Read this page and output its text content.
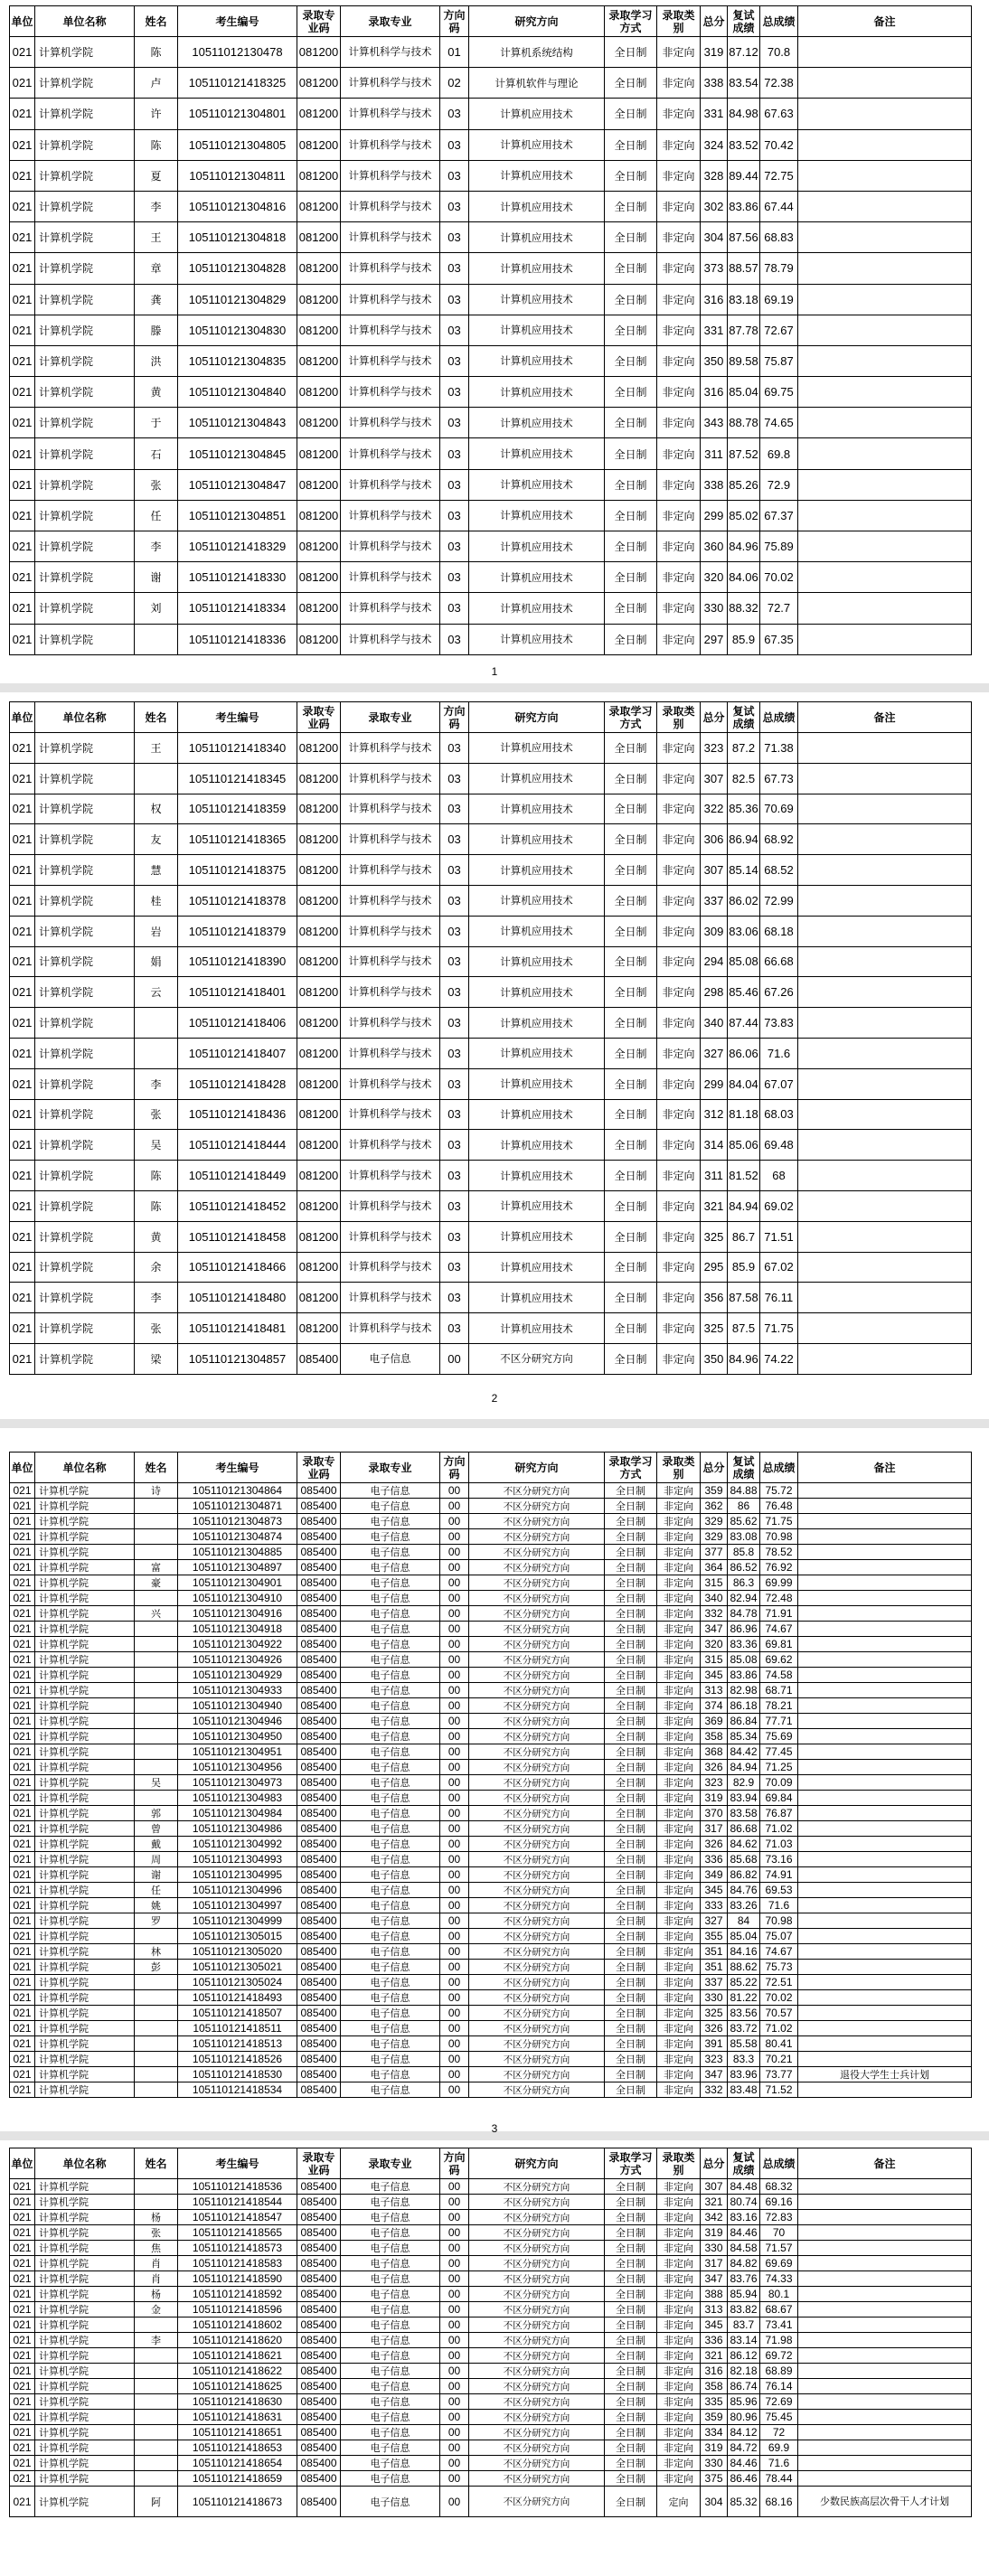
单位	单位名称	姓名	考生编号	录取专业码	录取专业	方向码	研究方向	录取学习方式	录取类别	总分	复试成绩	总成绩	备注
021	计算机学院	陈	10511012130478	081200	计算机科学与技术	01	计算机系统结构	全日制	非定向	319	87.12	70.8	
021	计算机学院	卢	105110121418325	081200	计算机科学与技术	02	计算机软件与理论	全日制	非定向	338	83.54	72.38	
021	计算机学院	许	105110121304801	081200	计算机科学与技术	03	计算机应用技术	全日制	非定向	331	84.98	67.63	
021	计算机学院	陈	105110121304805	081200	计算机科学与技术	03	计算机应用技术	全日制	非定向	324	83.52	70.42	
021	计算机学院	夏	105110121304811	081200	计算机科学与技术	03	计算机应用技术	全日制	非定向	328	89.44	72.75	
021	计算机学院	李	105110121304816	081200	计算机科学与技术	03	计算机应用技术	全日制	非定向	302	83.86	67.44	
021	计算机学院	王	105110121304818	081200	计算机科学与技术	03	计算机应用技术	全日制	非定向	304	87.56	68.83	
021	计算机学院	章	105110121304828	081200	计算机科学与技术	03	计算机应用技术	全日制	非定向	373	88.57	78.79	
021	计算机学院	龚	105110121304829	081200	计算机科学与技术	03	计算机应用技术	全日制	非定向	316	83.18	69.19	
021	计算机学院	滕	105110121304830	081200	计算机科学与技术	03	计算机应用技术	全日制	非定向	331	87.78	72.67	
021	计算机学院	洪	105110121304835	081200	计算机科学与技术	03	计算机应用技术	全日制	非定向	350	89.58	75.87	
021	计算机学院	黄	105110121304840	081200	计算机科学与技术	03	计算机应用技术	全日制	非定向	316	85.04	69.75	
021	计算机学院	于	105110121304843	081200	计算机科学与技术	03	计算机应用技术	全日制	非定向	343	88.78	74.65	
021	计算机学院	石	105110121304845	081200	计算机科学与技术	03	计算机应用技术	全日制	非定向	311	87.52	69.8	
021	计算机学院	张	105110121304847	081200	计算机科学与技术	03	计算机应用技术	全日制	非定向	338	85.26	72.9	
021	计算机学院	任	105110121304851	081200	计算机科学与技术	03	计算机应用技术	全日制	非定向	299	85.02	67.37	
021	计算机学院	李	105110121418329	081200	计算机科学与技术	03	计算机应用技术	全日制	非定向	360	84.96	75.89	
021	计算机学院	谢	105110121418330	081200	计算机科学与技术	03	计算机应用技术	全日制	非定向	320	84.06	70.02	
021	计算机学院	刘	105110121418334	081200	计算机科学与技术	03	计算机应用技术	全日制	非定向	330	88.32	72.7	
021	计算机学院		105110121418336	081200	计算机科学与技术	03	计算机应用技术	全日制	非定向	297	85.9	67.35	
1
单位	单位名称	姓名	考生编号	录取专业码	录取专业	方向码	研究方向	录取学习方式	录取类别	总分	复试成绩	总成绩	备注
021	计算机学院	王	105110121418340	081200	计算机科学与技术	03	计算机应用技术	全日制	非定向	323	87.2	71.38	
021	计算机学院		105110121418345	081200	计算机科学与技术	03	计算机应用技术	全日制	非定向	307	82.5	67.73	
021	计算机学院	权	105110121418359	081200	计算机科学与技术	03	计算机应用技术	全日制	非定向	322	85.36	70.69	
021	计算机学院	友	105110121418365	081200	计算机科学与技术	03	计算机应用技术	全日制	非定向	306	86.94	68.92	
021	计算机学院	慧	105110121418375	081200	计算机科学与技术	03	计算机应用技术	全日制	非定向	307	85.14	68.52	
021	计算机学院	桂	105110121418378	081200	计算机科学与技术	03	计算机应用技术	全日制	非定向	337	86.02	72.99	
021	计算机学院	岩	105110121418379	081200	计算机科学与技术	03	计算机应用技术	全日制	非定向	309	83.06	68.18	
021	计算机学院	娟	105110121418390	081200	计算机科学与技术	03	计算机应用技术	全日制	非定向	294	85.08	66.68	
021	计算机学院	云	105110121418401	081200	计算机科学与技术	03	计算机应用技术	全日制	非定向	298	85.46	67.26	
021	计算机学院		105110121418406	081200	计算机科学与技术	03	计算机应用技术	全日制	非定向	340	87.44	73.83	
021	计算机学院		105110121418407	081200	计算机科学与技术	03	计算机应用技术	全日制	非定向	327	86.06	71.6	
021	计算机学院	李	105110121418428	081200	计算机科学与技术	03	计算机应用技术	全日制	非定向	299	84.04	67.07	
021	计算机学院	张	105110121418436	081200	计算机科学与技术	03	计算机应用技术	全日制	非定向	312	81.18	68.03	
021	计算机学院	吴	105110121418444	081200	计算机科学与技术	03	计算机应用技术	全日制	非定向	314	85.06	69.48	
021	计算机学院	陈	105110121418449	081200	计算机科学与技术	03	计算机应用技术	全日制	非定向	311	81.52	68	
021	计算机学院	陈	105110121418452	081200	计算机科学与技术	03	计算机应用技术	全日制	非定向	321	84.94	69.02	
021	计算机学院	黄	105110121418458	081200	计算机科学与技术	03	计算机应用技术	全日制	非定向	325	86.7	71.51	
021	计算机学院	余	105110121418466	081200	计算机科学与技术	03	计算机应用技术	全日制	非定向	295	85.9	67.02	
021	计算机学院	李	105110121418480	081200	计算机科学与技术	03	计算机应用技术	全日制	非定向	356	87.58	76.11	
021	计算机学院	张	105110121418481	081200	计算机科学与技术	03	计算机应用技术	全日制	非定向	325	87.5	71.75	
021	计算机学院	梁	105110121304857	085400	电子信息	00	不区分研究方向	全日制	非定向	350	84.96	74.22	
2
单位	单位名称	姓名	考生编号	录取专业码	录取专业	方向码	研究方向	录取学习方式	录取类别	总分	复试成绩	总成绩	备注
021	计算机学院	诗	105110121304864	085400	电子信息	00	不区分研究方向	全日制	非定向	359	84.88	75.72	
021	计算机学院		105110121304871	085400	电子信息	00	不区分研究方向	全日制	非定向	362	86	76.48	
021	计算机学院		105110121304873	085400	电子信息	00	不区分研究方向	全日制	非定向	329	85.62	71.75	
021	计算机学院		105110121304874	085400	电子信息	00	不区分研究方向	全日制	非定向	329	83.08	70.98	
021	计算机学院		105110121304885	085400	电子信息	00	不区分研究方向	全日制	非定向	377	85.8	78.52	
021	计算机学院	富	105110121304897	085400	电子信息	00	不区分研究方向	全日制	非定向	364	86.52	76.92	
021	计算机学院	豪	105110121304901	085400	电子信息	00	不区分研究方向	全日制	非定向	315	86.3	69.99	
021	计算机学院		105110121304910	085400	电子信息	00	不区分研究方向	全日制	非定向	340	82.94	72.48	
021	计算机学院	兴	105110121304916	085400	电子信息	00	不区分研究方向	全日制	非定向	332	84.78	71.91	
021	计算机学院		105110121304918	085400	电子信息	00	不区分研究方向	全日制	非定向	347	86.96	74.67	
021	计算机学院		105110121304922	085400	电子信息	00	不区分研究方向	全日制	非定向	320	83.36	69.81	
021	计算机学院		105110121304926	085400	电子信息	00	不区分研究方向	全日制	非定向	315	85.08	69.62	
021	计算机学院		105110121304929	085400	电子信息	00	不区分研究方向	全日制	非定向	345	83.86	74.58	
021	计算机学院		105110121304933	085400	电子信息	00	不区分研究方向	全日制	非定向	313	82.98	68.71	
021	计算机学院		105110121304940	085400	电子信息	00	不区分研究方向	全日制	非定向	374	86.18	78.21	
021	计算机学院		105110121304946	085400	电子信息	00	不区分研究方向	全日制	非定向	369	86.84	77.71	
021	计算机学院		105110121304950	085400	电子信息	00	不区分研究方向	全日制	非定向	358	85.34	75.69	
021	计算机学院		105110121304951	085400	电子信息	00	不区分研究方向	全日制	非定向	368	84.42	77.45	
021	计算机学院		105110121304956	085400	电子信息	00	不区分研究方向	全日制	非定向	326	84.94	71.25	
021	计算机学院	吴	105110121304973	085400	电子信息	00	不区分研究方向	全日制	非定向	323	82.9	70.09	
021	计算机学院		105110121304983	085400	电子信息	00	不区分研究方向	全日制	非定向	319	83.94	69.84	
021	计算机学院	郭	105110121304984	085400	电子信息	00	不区分研究方向	全日制	非定向	370	83.58	76.87	
021	计算机学院	曾	105110121304986	085400	电子信息	00	不区分研究方向	全日制	非定向	317	86.68	71.02	
021	计算机学院	戴	105110121304992	085400	电子信息	00	不区分研究方向	全日制	非定向	326	84.62	71.03	
021	计算机学院	周	105110121304993	085400	电子信息	00	不区分研究方向	全日制	非定向	336	85.68	73.16	
021	计算机学院	谢	105110121304995	085400	电子信息	00	不区分研究方向	全日制	非定向	349	86.82	74.91	
021	计算机学院	任	105110121304996	085400	电子信息	00	不区分研究方向	全日制	非定向	345	84.76	69.53	
021	计算机学院	姚	105110121304997	085400	电子信息	00	不区分研究方向	全日制	非定向	333	83.26	71.6	
021	计算机学院	罗	105110121304999	085400	电子信息	00	不区分研究方向	全日制	非定向	327	84	70.98	
021	计算机学院		105110121305015	085400	电子信息	00	不区分研究方向	全日制	非定向	355	85.04	75.07	
021	计算机学院	林	105110121305020	085400	电子信息	00	不区分研究方向	全日制	非定向	351	84.16	74.67	
021	计算机学院	彭	105110121305021	085400	电子信息	00	不区分研究方向	全日制	非定向	351	88.62	75.73	
021	计算机学院		105110121305024	085400	电子信息	00	不区分研究方向	全日制	非定向	337	85.22	72.51	
021	计算机学院		105110121418493	085400	电子信息	00	不区分研究方向	全日制	非定向	330	81.22	70.02	
021	计算机学院		105110121418507	085400	电子信息	00	不区分研究方向	全日制	非定向	325	83.56	70.57	
021	计算机学院		105110121418511	085400	电子信息	00	不区分研究方向	全日制	非定向	326	83.72	71.02	
021	计算机学院		105110121418513	085400	电子信息	00	不区分研究方向	全日制	非定向	391	85.58	80.41	
021	计算机学院		105110121418526	085400	电子信息	00	不区分研究方向	全日制	非定向	323	83.3	70.21	
021	计算机学院		105110121418530	085400	电子信息	00	不区分研究方向	全日制	非定向	347	83.96	73.77	退役大学生士兵计划
021	计算机学院		105110121418534	085400	电子信息	00	不区分研究方向	全日制	非定向	332	83.48	71.52	
3
单位	单位名称	姓名	考生编号	录取专业码	录取专业	方向码	研究方向	录取学习方式	录取类别	总分	复试成绩	总成绩	备注
021	计算机学院		105110121418536	085400	电子信息	00	不区分研究方向	全日制	非定向	307	84.48	68.32	
021	计算机学院		105110121418544	085400	电子信息	00	不区分研究方向	全日制	非定向	321	80.74	69.16	
021	计算机学院	杨	105110121418547	085400	电子信息	00	不区分研究方向	全日制	非定向	342	83.16	72.83	
021	计算机学院	张	105110121418565	085400	电子信息	00	不区分研究方向	全日制	非定向	319	84.46	70	
021	计算机学院	焦	105110121418573	085400	电子信息	00	不区分研究方向	全日制	非定向	330	84.58	71.57	
021	计算机学院	肖	105110121418583	085400	电子信息	00	不区分研究方向	全日制	非定向	317	84.82	69.69	
021	计算机学院	肖	105110121418590	085400	电子信息	00	不区分研究方向	全日制	非定向	347	83.76	74.33	
021	计算机学院	杨	105110121418592	085400	电子信息	00	不区分研究方向	全日制	非定向	388	85.94	80.1	
021	计算机学院	金	105110121418596	085400	电子信息	00	不区分研究方向	全日制	非定向	313	83.82	68.67	
021	计算机学院		105110121418602	085400	电子信息	00	不区分研究方向	全日制	非定向	345	83.7	73.41	
021	计算机学院	李	105110121418620	085400	电子信息	00	不区分研究方向	全日制	非定向	336	83.14	71.98	
021	计算机学院		105110121418621	085400	电子信息	00	不区分研究方向	全日制	非定向	321	86.12	69.72	
021	计算机学院		105110121418622	085400	电子信息	00	不区分研究方向	全日制	非定向	316	82.18	68.89	
021	计算机学院		105110121418625	085400	电子信息	00	不区分研究方向	全日制	非定向	358	86.74	76.14	
021	计算机学院		105110121418630	085400	电子信息	00	不区分研究方向	全日制	非定向	335	85.96	72.69	
021	计算机学院		105110121418631	085400	电子信息	00	不区分研究方向	全日制	非定向	359	80.96	75.45	
021	计算机学院		105110121418651	085400	电子信息	00	不区分研究方向	全日制	非定向	334	84.12	72	
021	计算机学院		105110121418653	085400	电子信息	00	不区分研究方向	全日制	非定向	319	84.72	69.9	
021	计算机学院		105110121418654	085400	电子信息	00	不区分研究方向	全日制	非定向	330	84.46	71.6	
021	计算机学院		105110121418659	085400	电子信息	00	不区分研究方向	全日制	非定向	375	86.46	78.44	
021	计算机学院	阿	105110121418673	085400	电子信息	00	不区分研究方向	全日制	定向	304	85.32	68.16	少数民族高层次骨干人才计划
